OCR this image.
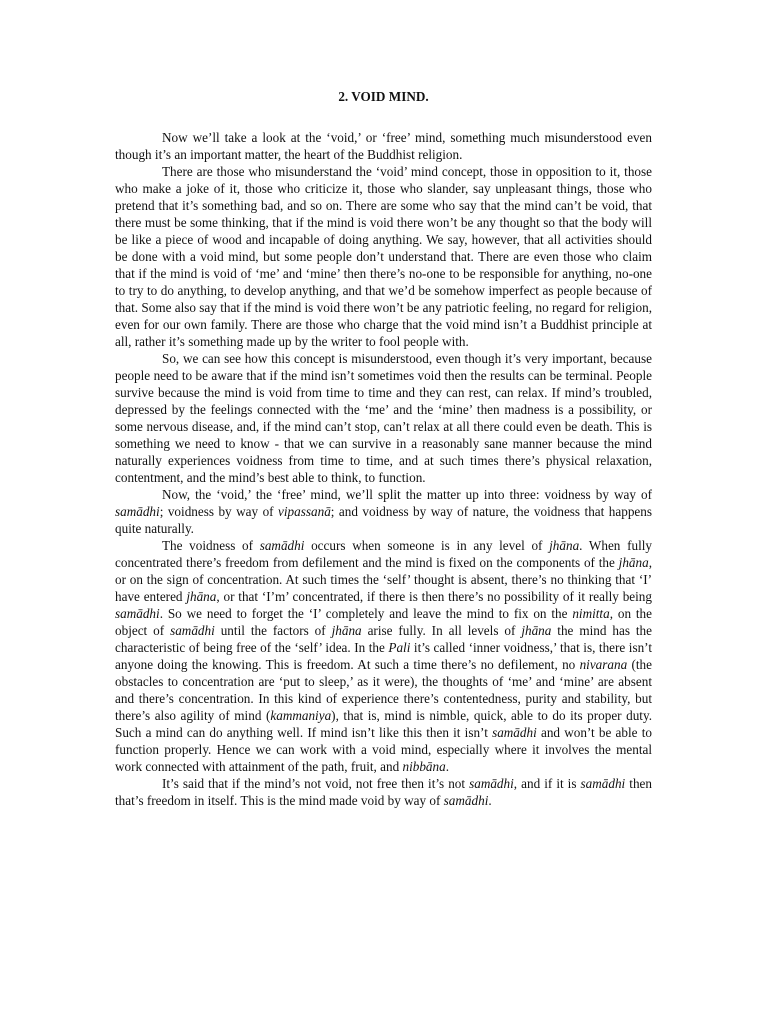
2. VOID MIND.

Now we’ll take a look at the ‘void,’ or ‘free’ mind, something much misunderstood even though it’s an important matter, the heart of the Buddhist religion.

There are those who misunderstand the ‘void’ mind concept, those in opposition to it, those who make a joke of it, those who criticize it, those who slander, say unpleasant things, those who pretend that it’s something bad, and so on. There are some who say that the mind can’t be void, that there must be some thinking, that if the mind is void there won’t be any thought so that the body will be like a piece of wood and incapable of doing anything. We say, however, that all activities should be done with a void mind, but some people don’t understand that. There are even those who claim that if the mind is void of ‘me’ and ‘mine’ then there’s no-one to be responsible for anything, no-one to try to do anything, to develop anything, and that we’d be somehow imperfect as people because of that. Some also say that if the mind is void there won’t be any patriotic feeling, no regard for religion, even for our own family. There are those who charge that the void mind isn’t a Buddhist principle at all, rather it’s something made up by the writer to fool people with.

So, we can see how this concept is misunderstood, even though it’s very important, because people need to be aware that if the mind isn’t sometimes void then the results can be terminal. People survive because the mind is void from time to time and they can rest, can relax. If mind’s troubled, depressed by the feelings connected with the ‘me’ and the ‘mine’ then madness is a possibility, or some nervous disease, and, if the mind can’t stop, can’t relax at all there could even be death. This is something we need to know - that we can survive in a reasonably sane manner because the mind naturally experiences voidness from time to time, and at such times there’s physical relaxation, contentment, and the mind’s best able to think, to function.

Now, the ‘void,’ the ‘free’ mind, we’ll split the matter up into three: voidness by way of samādhi; voidness by way of vipassanā; and voidness by way of nature, the voidness that happens quite naturally.

The voidness of samādhi occurs when someone is in any level of jhāna. When fully concentrated there’s freedom from defilement and the mind is fixed on the components of the jhāna, or on the sign of concentration. At such times the ‘self’ thought is absent, there’s no thinking that ‘I’ have entered jhāna, or that ‘I’m’ concentrated, if there is then there’s no possibility of it really being samādhi. So we need to forget the ‘I’ completely and leave the mind to fix on the nimitta, on the object of samādhi until the factors of jhāna arise fully. In all levels of jhāna the mind has the characteristic of being free of the ‘self’ idea. In the Pali it’s called ‘inner voidness,’ that is, there isn’t anyone doing the knowing. This is freedom. At such a time there’s no defilement, no nivarana (the obstacles to concentration are ‘put to sleep,’ as it were), the thoughts of ‘me’ and ‘mine’ are absent and there’s concentration. In this kind of experience there’s contentedness, purity and stability, but there’s also agility of mind (kammaniya), that is, mind is nimble, quick, able to do its proper duty. Such a mind can do anything well. If mind isn’t like this then it isn’t samādhi and won’t be able to function properly. Hence we can work with a void mind, especially where it involves the mental work connected with attainment of the path, fruit, and nibbāna.

It’s said that if the mind’s not void, not free then it’s not samādhi, and if it is samādhi then that’s freedom in itself. This is the mind made void by way of samādhi.
